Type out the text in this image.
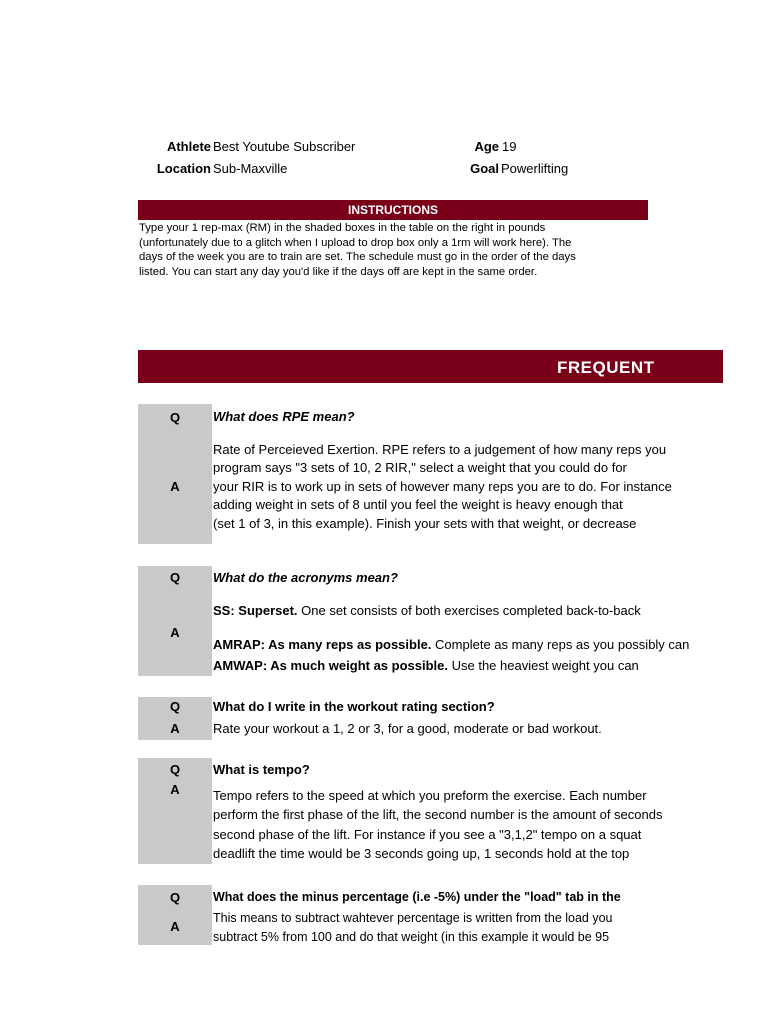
Athlete Best Youtube Subscriber	Age 19
Location Sub-Maxville	Goal Powerlifting
INSTRUCTIONS
Type your 1 rep-max (RM) in the shaded boxes in the table on the right in pounds
(unfortunately due to a glitch when I upload to drop box only a 1rm will work here). The
days of the week you are to train are set. The schedule must go in the order of the days
listed. You can start any day you'd like if the days off are kept in the same order.
FREQUENT
Q
A
What does RPE mean?
Rate of Perceieved Exertion. RPE refers to a judgement of how many reps you
program says "3 sets of 10, 2 RIR," select a weight that you could do for
your RIR is to work up in sets of however many reps you are to do. For instance
adding weight in sets of 8 until you feel the weight is heavy enough that
(set 1 of 3, in this example). Finish your sets with that weight, or decrease
Q
A
What do the acronyms mean?
SS: Superset. One set consists of both exercises completed back-to-back
AMRAP: As many reps as possible. Complete as many reps as you possibly can
AMWAP: As much weight as possible. Use the heaviest weight you can
Q
A
What do I write in the workout rating section?
Rate your workout a 1, 2 or 3, for a good, moderate or bad workout.
Q
A
What is tempo?
Tempo refers to the speed at which you preform the exercise. Each number
perform the first phase of the lift, the second number is the amount of seconds
second phase of the lift. For instance if you see a "3,1,2" tempo on a squat
deadlift the time would be 3 seconds going up, 1 seconds hold at the top
Q
A
What does the minus percentage (i.e -5%) under the "load" tab in the
This means to subtract wahtever percentage is written from the load you
subtract 5% from 100 and do that weight (in this example it would be 95
